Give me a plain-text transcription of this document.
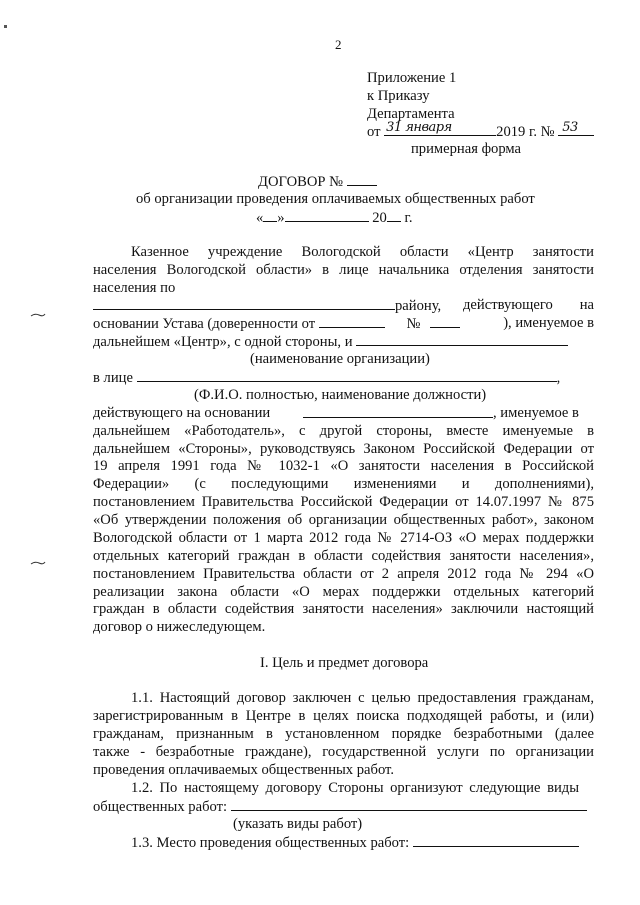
2
Приложение 1
к Приказу
Департамента
от 31 января	2019 г. № 53
примерная форма
ДОГОВОР №
об организации проведения оплачиваемых общественных работ
« »	20 г.
Казенное учреждение Вологодской области «Центр занятости
населения Вологодской области» в лице начальника отделения занятости
населения по
району, действующего на
основании Устава (доверенности от	№	), именуемое в
дальнейшем «Центр», с одной стороны, и
(наименование организации)
в лице	,
(Ф.И.О. полностью, наименование должности)
действующего на основании	, именуемое в
дальнейшем «Работодатель», с другой стороны, вместе именуемые в
дальнейшем «Стороны», руководствуясь Законом Российской Федерации от
19 апреля 1991 года № 1032-1 «О занятости населения в Российской
Федерации» (с последующими изменениями и дополнениями),
постановлением Правительства Российской Федерации от 14.07.1997 № 875
«Об утверждении положения об организации общественных работ», законом
Вологодской области от 1 марта 2012 года № 2714-ОЗ «О мерах поддержки
отдельных категорий граждан в области содействия занятости населения»,
постановлением Правительства области от 2 апреля 2012 года № 294 «О
реализации закона области «О мерах поддержки отдельных категорий
граждан в области содействия занятости населения» заключили настоящий
договор о нижеследующем.
I. Цель и предмет договора
1.1. Настоящий договор заключен с целью предоставления гражданам,
зарегистрированным в Центре в целях поиска подходящей работы, и (или)
гражданам, признанным в установленном порядке безработными (далее
также - безработные граждане), государственной услуги по организации
проведения оплачиваемых общественных работ.
1.2. По настоящему договору Стороны организуют следующие виды
общественных работ:
(указать виды работ)
1.3. Место проведения общественных работ:
